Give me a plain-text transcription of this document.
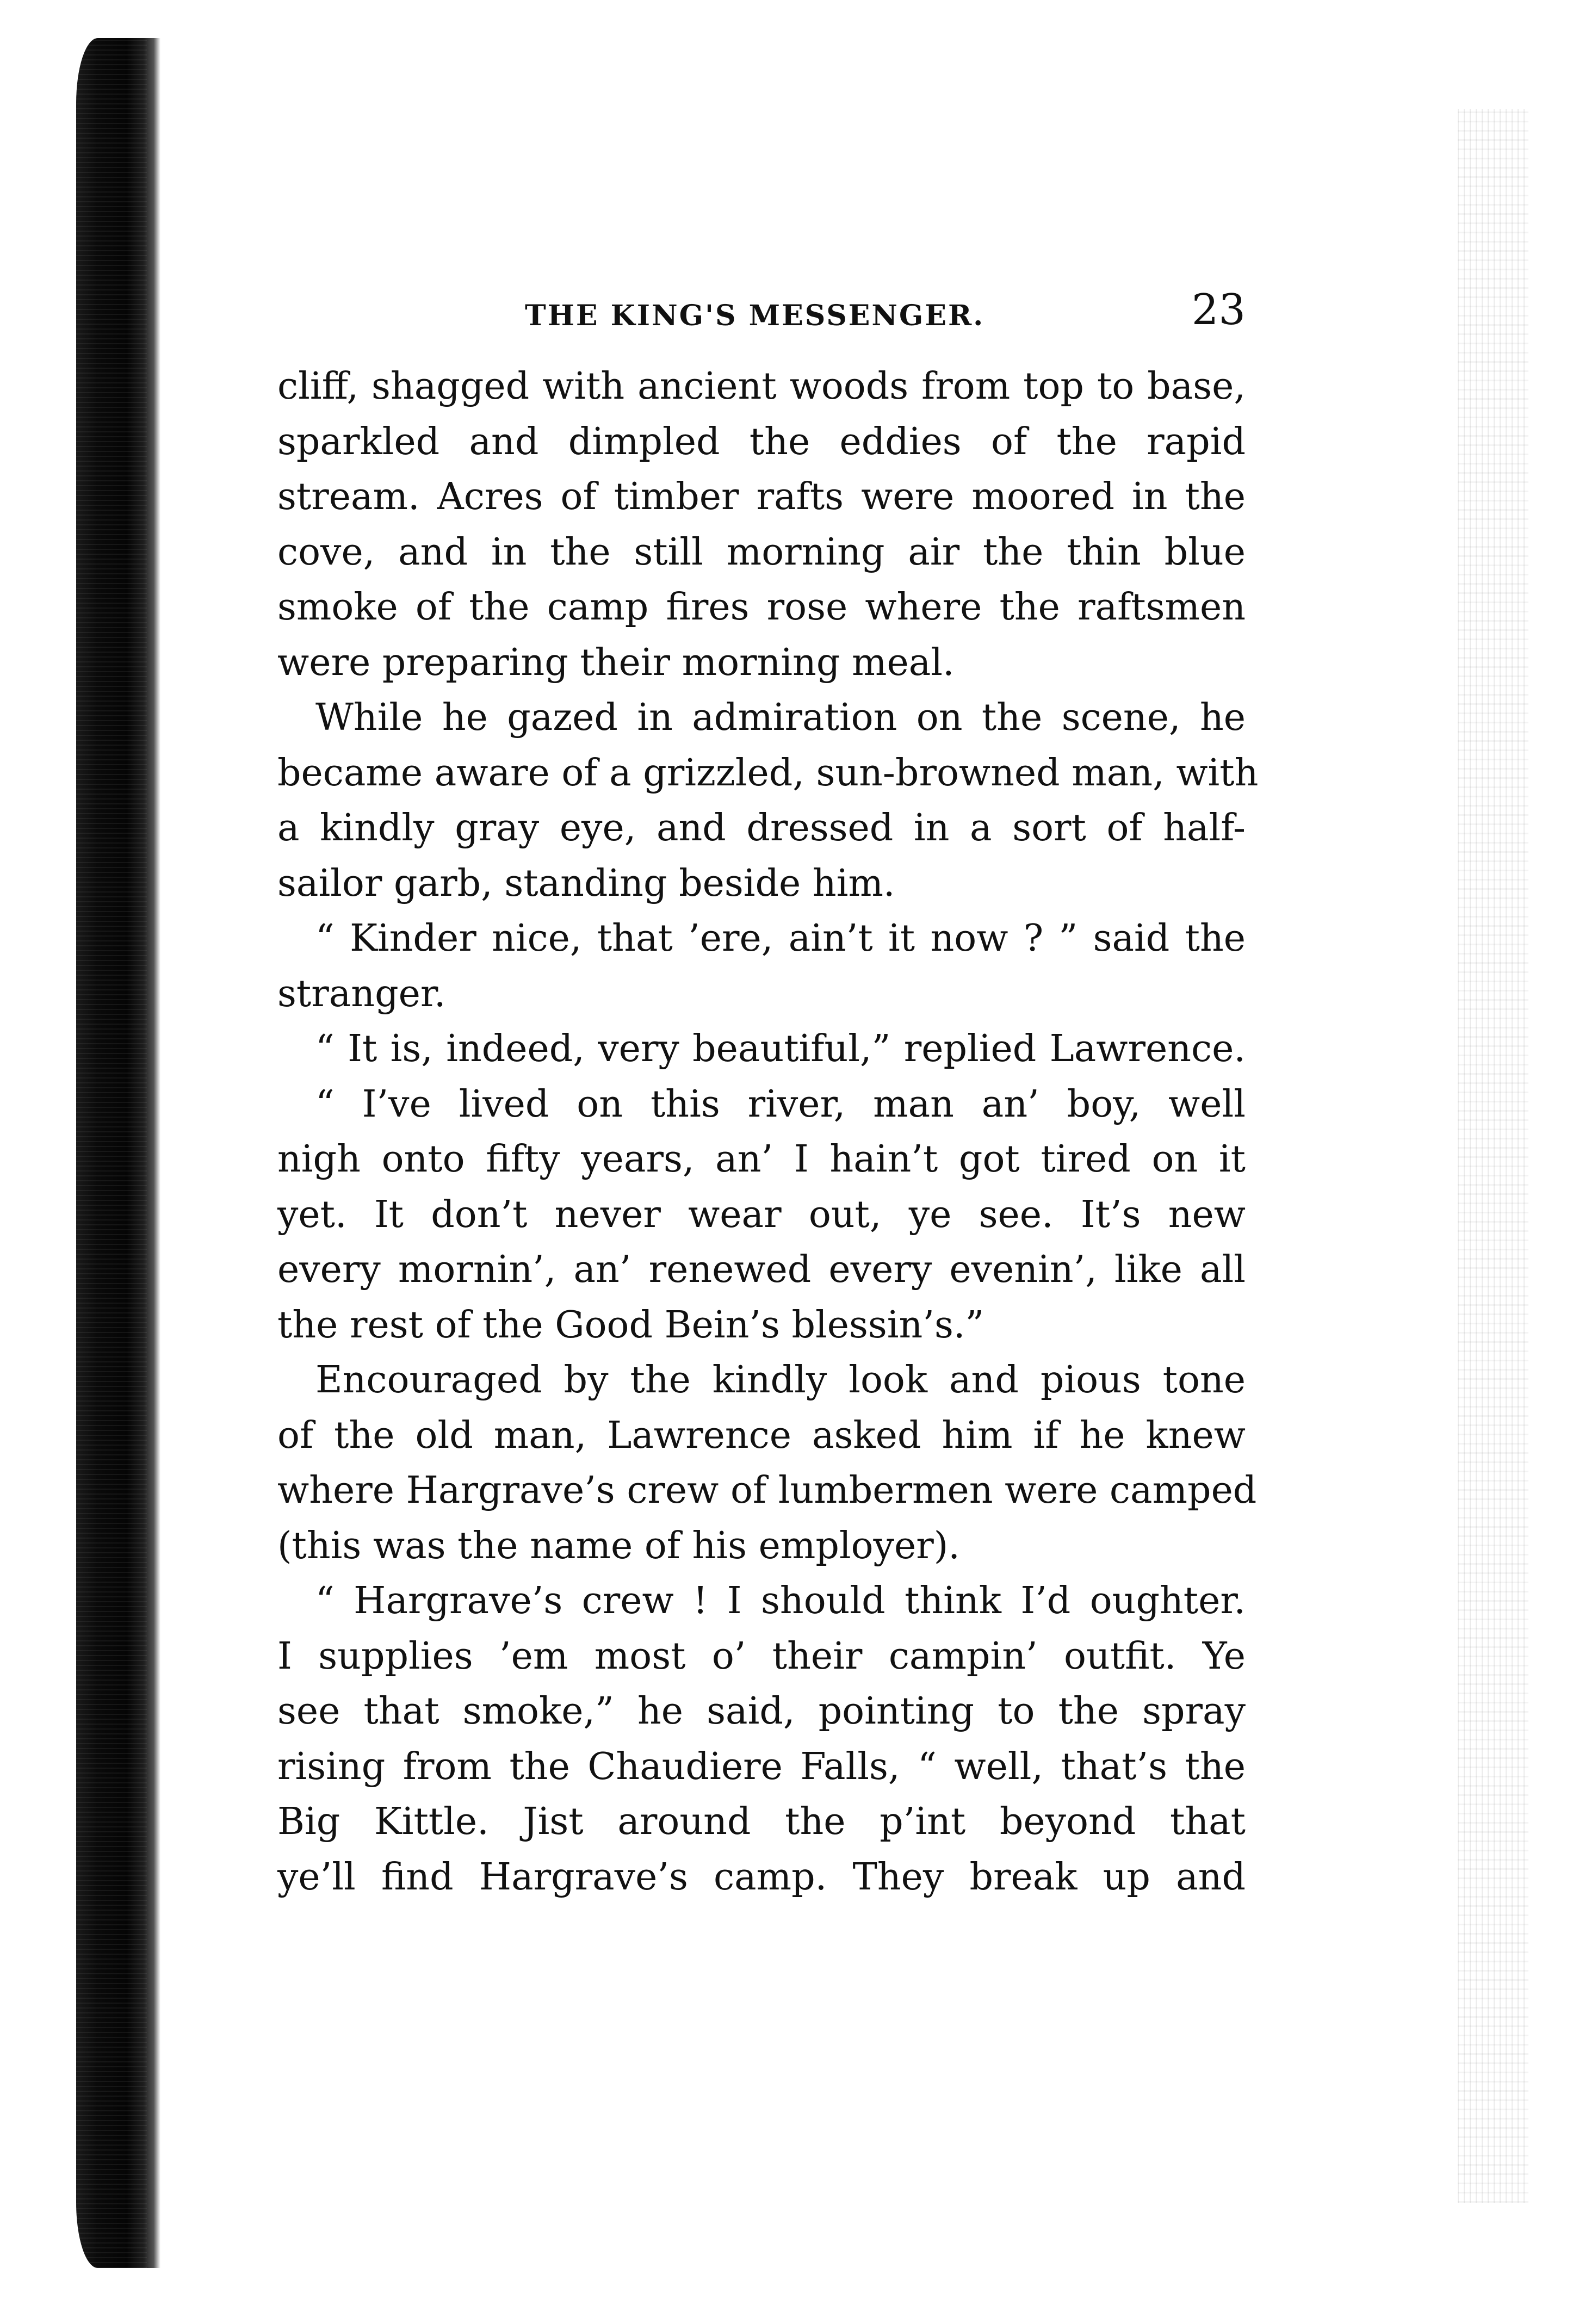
THE KING'S MESSENGER.	23
cliff, shagged with ancient woods from top to base,
sparkled and dimpled the eddies of the rapid
stream. Acres of timber rafts were moored in the
cove, and in the still morning air the thin blue
smoke of the camp fires rose where the raftsmen
were preparing their morning meal.
While he gazed in admiration on the scene, he
became aware of a grizzled, sun-browned man, with
a kindly gray eye, and dressed in a sort of half-
sailor garb, standing beside him.
“ Kinder nice, that ’ere, ain’t it now ? ” said the
stranger.
“ It is, indeed, very beautiful,” replied Lawrence.
“ I’ve lived on this river, man an’ boy, well
nigh onto fifty years, an’ I hain’t got tired on it
yet. It don’t never wear out, ye see. It’s new
every mornin’, an’ renewed every evenin’, like all
the rest of the Good Bein’s blessin’s.”
Encouraged by the kindly look and pious tone
of the old man, Lawrence asked him if he knew
where Hargrave’s crew of lumbermen were camped
(this was the name of his employer).
“ Hargrave’s crew ! I should think I’d oughter.
I supplies ’em most o’ their campin’ outfit. Ye
see that smoke,” he said, pointing to the spray
rising from the Chaudiere Falls, “ well, that’s the
Big Kittle. Jist around the p’int beyond that
ye’ll find Hargrave’s camp. They break up and
